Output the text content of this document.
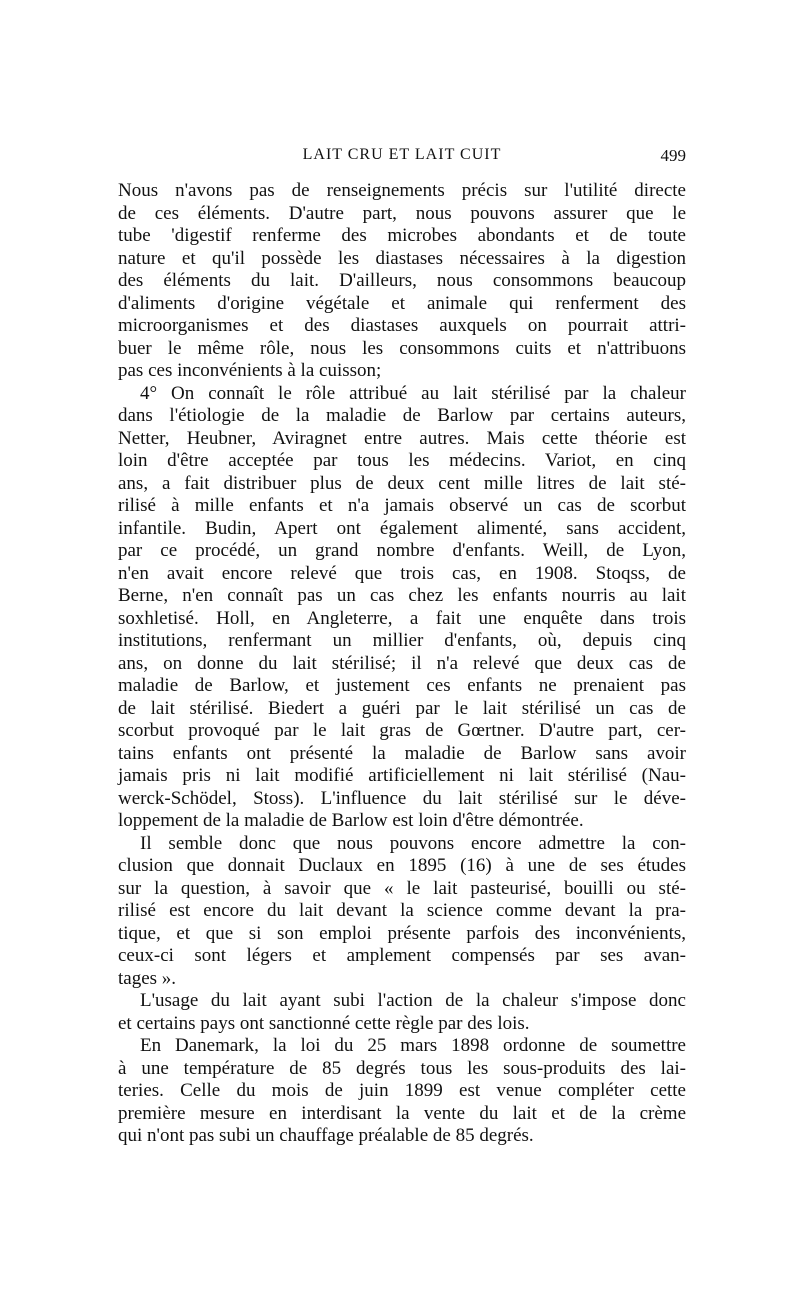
LAIT CRU ET LAIT CUIT	499
Nous n'avons pas de renseignements précis sur l'utilité directe
de ces éléments. D'autre part, nous pouvons assurer que le
tube 'digestif renferme des microbes abondants et de toute
nature et qu'il possède les diastases nécessaires à la digestion
des éléments du lait. D'ailleurs, nous consommons beaucoup
d'aliments d'origine végétale et animale qui renferment des
microorganismes et des diastases auxquels on pourrait attri-
buer le même rôle, nous les consommons cuits et n'attribuons
pas ces inconvénients à la cuisson;
4° On connaît le rôle attribué au lait stérilisé par la chaleur
dans l'étiologie de la maladie de Barlow par certains auteurs,
Netter, Heubner, Aviragnet entre autres. Mais cette théorie est
loin d'être acceptée par tous les médecins. Variot, en cinq
ans, a fait distribuer plus de deux cent mille litres de lait sté-
rilisé à mille enfants et n'a jamais observé un cas de scorbut
infantile. Budin, Apert ont également alimenté, sans accident,
par ce procédé, un grand nombre d'enfants. Weill, de Lyon,
n'en avait encore relevé que trois cas, en 1908. Stoqss, de
Berne, n'en connaît pas un cas chez les enfants nourris au lait
soxhletisé. Holl, en Angleterre, a fait une enquête dans trois
institutions, renfermant un millier d'enfants, où, depuis cinq
ans, on donne du lait stérilisé; il n'a relevé que deux cas de
maladie de Barlow, et justement ces enfants ne prenaient pas
de lait stérilisé. Biedert a guéri par le lait stérilisé un cas de
scorbut provoqué par le lait gras de Gœrtner. D'autre part, cer-
tains enfants ont présenté la maladie de Barlow sans avoir
jamais pris ni lait modifié artificiellement ni lait stérilisé (Nau-
werck-Schödel, Stoss). L'influence du lait stérilisé sur le déve-
loppement de la maladie de Barlow est loin d'être démontrée.
Il semble donc que nous pouvons encore admettre la con-
clusion que donnait Duclaux en 1895 (16) à une de ses études
sur la question, à savoir que « le lait pasteurisé, bouilli ou sté-
rilisé est encore du lait devant la science comme devant la pra-
tique, et que si son emploi présente parfois des inconvénients,
ceux-ci sont légers et amplement compensés par ses avan-
tages ».
L'usage du lait ayant subi l'action de la chaleur s'impose donc
et certains pays ont sanctionné cette règle par des lois.
En Danemark, la loi du 25 mars 1898 ordonne de soumettre
à une température de 85 degrés tous les sous-produits des lai-
teries. Celle du mois de juin 1899 est venue compléter cette
première mesure en interdisant la vente du lait et de la crème
qui n'ont pas subi un chauffage préalable de 85 degrés.
